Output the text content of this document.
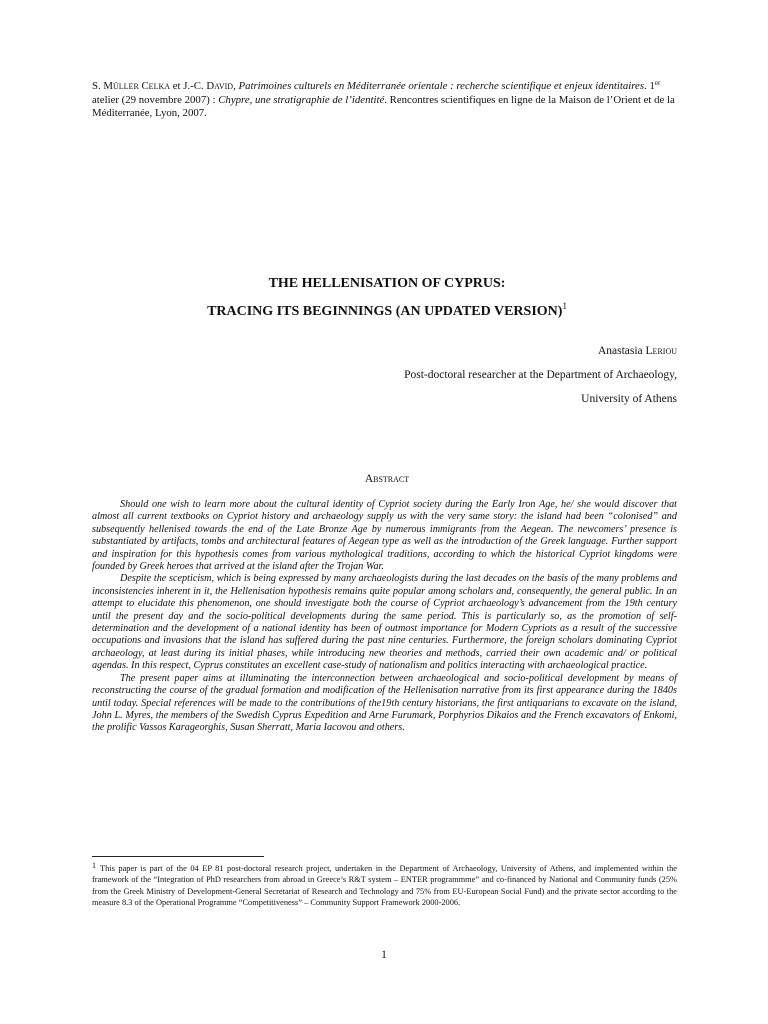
S. Müller Celka et J.-C. David, Patrimoines culturels en Méditerranée orientale : recherche scientifique et enjeux identitaires. 1er atelier (29 novembre 2007) : Chypre, une stratigraphie de l’identité. Rencontres scientifiques en ligne de la Maison de l’Orient et de la Méditerranée, Lyon, 2007.
THE HELLENISATION OF CYPRUS:
TRACING ITS BEGINNINGS (AN UPDATED VERSION)$^1$
Anastasia Leriou
Post-doctoral researcher at the Department of Archaeology,
University of Athens
Abstract

Should one wish to learn more about the cultural identity of Cypriot society during the Early Iron Age, he/ she would discover that almost all current textbooks on Cypriot history and archaeology supply us with the very same story: the island had been “colonised” and subsequently hellenised towards the end of the Late Bronze Age by numerous immigrants from the Aegean. The newcomers’ presence is substantiated by artifacts, tombs and architectural features of Aegean type as well as the introduction of the Greek language. Further support and inspiration for this hypothesis comes from various mythological traditions, according to which the historical Cypriot kingdoms were founded by Greek heroes that arrived at the island after the Trojan War.

Despite the scepticism, which is being expressed by many archaeologists during the last decades on the basis of the many problems and inconsistencies inherent in it, the Hellenisation hypothesis remains quite popular among scholars and, consequently, the general public. In an attempt to elucidate this phenomenon, one should investigate both the course of Cypriot archaeology’s advancement from the 19th century until the present day and the socio-political developments during the same period. This is particularly so, as the promotion of self-determination and the development of a national identity has been of outmost importance for Modern Cypriots as a result of the successive occupations and invasions that the island has suffered during the past nine centuries. Furthermore, the foreign scholars dominating Cypriot archaeology, at least during its initial phases, while introducing new theories and methods, carried their own academic and/ or political agendas. In this respect, Cyprus constitutes an excellent case-study of nationalism and politics interacting with archaeological practice.

The present paper aims at illuminating the interconnection between archaeological and socio-political development by means of reconstructing the course of the gradual formation and modification of the Hellenisation narrative from its first appearance during the 1840s until today. Special references will be made to the contributions of the19th century historians, the first antiquarians to excavate on the island, John L. Myres, the members of the Swedish Cyprus Expedition and Arne Furumark, Porphyrios Dikaios and the French excavators of Enkomi, the prolific Vassos Karageorghis, Susan Sherratt, Maria Iacovou and others.

1 This paper is part of the 04 EP 81 post-doctoral research project, undertaken in the Department of Archaeology, University of Athens, and implemented within the framework of the “Integration of PhD researchers from abroad in Greece’s R&T system – ENTER programmme” and co-financed by National and Community funds (25% from the Greek Ministry of Development-General Secretariat of Research and Technology and 75% from EU-European Social Fund) and the private sector according to the measure 8.3 of the Operational Programme “Competitiveness” – Community Support Framework 2000-2006.
1
